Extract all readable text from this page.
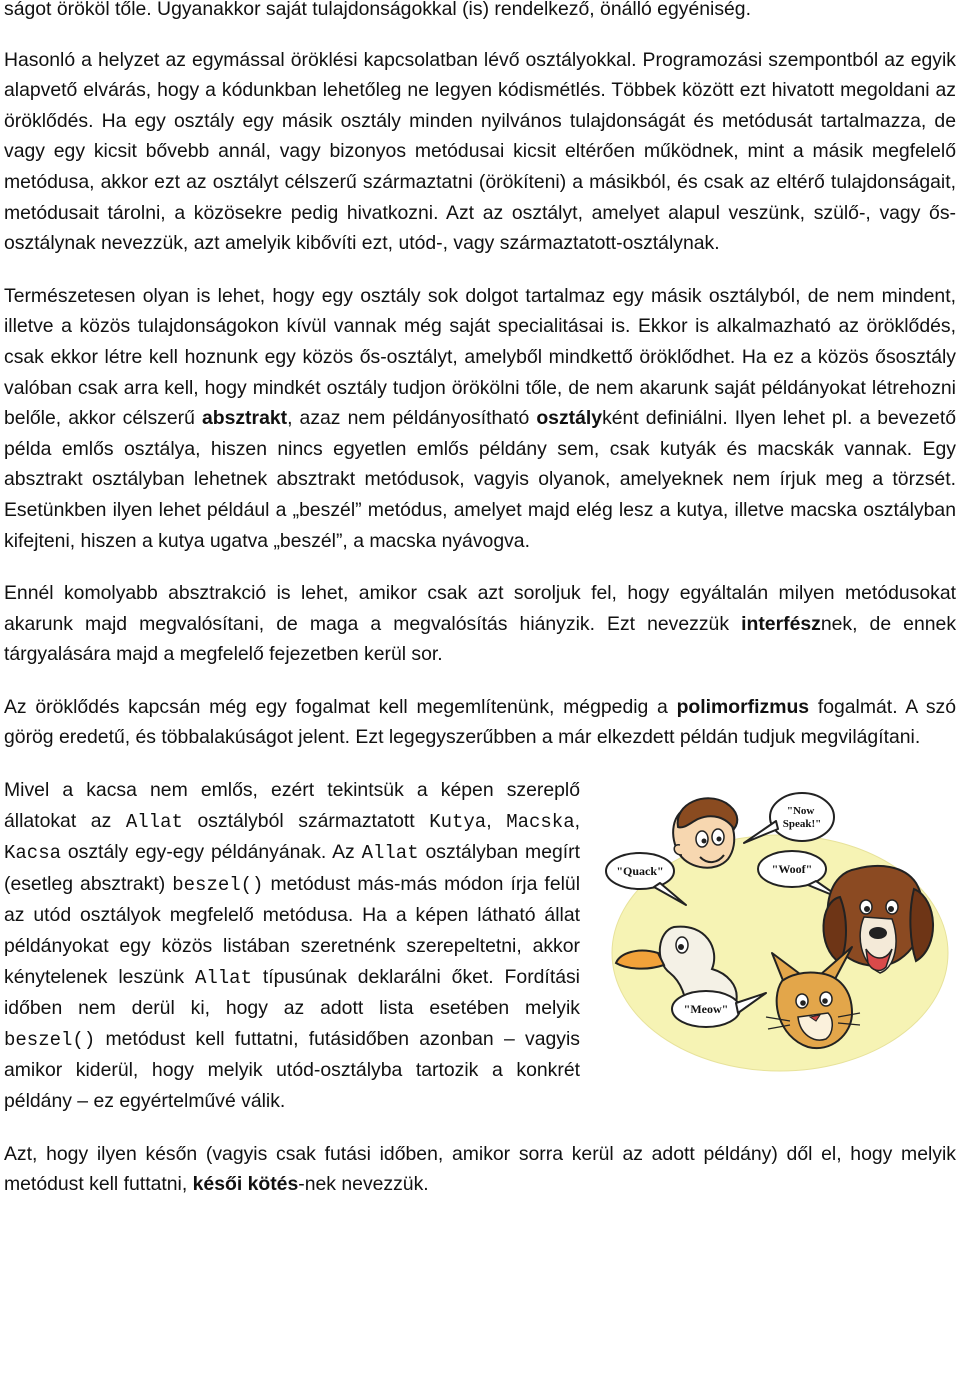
ságot örököl tőle. Ugyanakkor saját tulajdonságokkal (is) rendelkező, önálló egyéniség.

Hasonló a helyzet az egymással öröklési kapcsolatban lévő osztályokkal. Programozási szempontból az egyik alapvető elvárás, hogy a kódunkban lehetőleg ne legyen kódismétlés. Többek között ezt hivatott megoldani az öröklődés. Ha egy osztály egy másik osztály minden nyilvános tulajdonságát és metódusát tartalmazza, de vagy egy kicsit bővebb annál, vagy bizonyos metódusai kicsit eltérően működnek, mint a másik megfelelő metódusa, akkor ezt az osztályt célszerű származtatni (örökíteni) a másikból, és csak az eltérő tulajdonságait, metódusait tárolni, a közösekre pedig hivatkozni. Azt az osztályt, amelyet alapul veszünk, szülő-, vagy ős-osztálynak nevezzük, azt amelyik kibővíti ezt, utód-, vagy származtatott-osztálynak.

Természetesen olyan is lehet, hogy egy osztály sok dolgot tartalmaz egy másik osztályból, de nem mindent, illetve a közös tulajdonságokon kívül vannak még saját specialitásai is. Ekkor is alkalmazható az öröklődés, csak ekkor létre kell hoznunk egy közös ős-osztályt, amelyből mindkettő öröklődhet. Ha ez a közös ősosztály valóban csak arra kell, hogy mindkét osztály tudjon örökölni tőle, de nem akarunk saját példányokat létrehozni belőle, akkor célszerű absztrakt, azaz nem példányosítható osztályként definiálni. Ilyen lehet pl. a bevezető példa emlős osztálya, hiszen nincs egyetlen emlős példány sem, csak kutyák és macskák vannak. Egy absztrakt osztályban lehetnek absztrakt metódusok, vagyis olyanok, amelyeknek nem írjuk meg a törzsét. Esetünkben ilyen lehet például a „beszél” metódus, amelyet majd elég lesz a kutya, illetve macska osztályban kifejteni, hiszen a kutya ugatva „beszél”, a macska nyávogva.

Ennél komolyabb absztrakció is lehet, amikor csak azt soroljuk fel, hogy egyáltalán milyen metódusokat akarunk majd megvalósítani, de maga a megvalósítás hiányzik. Ezt nevezzük interfésznek, de ennek tárgyalására majd a megfelelő fejezetben kerül sor.

Az öröklődés kapcsán még egy fogalmat kell megemlítenünk, mégpedig a polimorfizmus fogalmát. A szó görög eredetű, és többalakúságot jelent. Ezt legegyszerűbben a már elkezdett példán tudjuk megvilágítani.

"Now Speak!"
"Quack"	"Woof"
"Meow"

Mivel a kacsa nem emlős, ezért tekintsük a képen szereplő állatokat az Allat osztályból származtatott Kutya, Macska, Kacsa osztály egy-egy példányának. Az Allat osztályban megírt (esetleg absztrakt) beszel() metódust más-más módon írja felül az utód osztályok megfelelő metódusa. Ha a képen látható állat példányokat egy közös listában szeretnénk szerepeltetni, akkor kénytelenek leszünk Allat típusúnak deklarálni őket. Fordítási időben nem derül ki, hogy az adott lista esetében melyik beszel() metódust kell futtatni, futásidőben azonban – vagyis amikor kiderül, hogy melyik utód-osztályba tartozik a konkrét példány – ez egyértelművé válik.

Azt, hogy ilyen későn (vagyis csak futási időben, amikor sorra kerül az adott példány) dől el, hogy melyik metódust kell futtatni, késői kötés-nek nevezzük.
